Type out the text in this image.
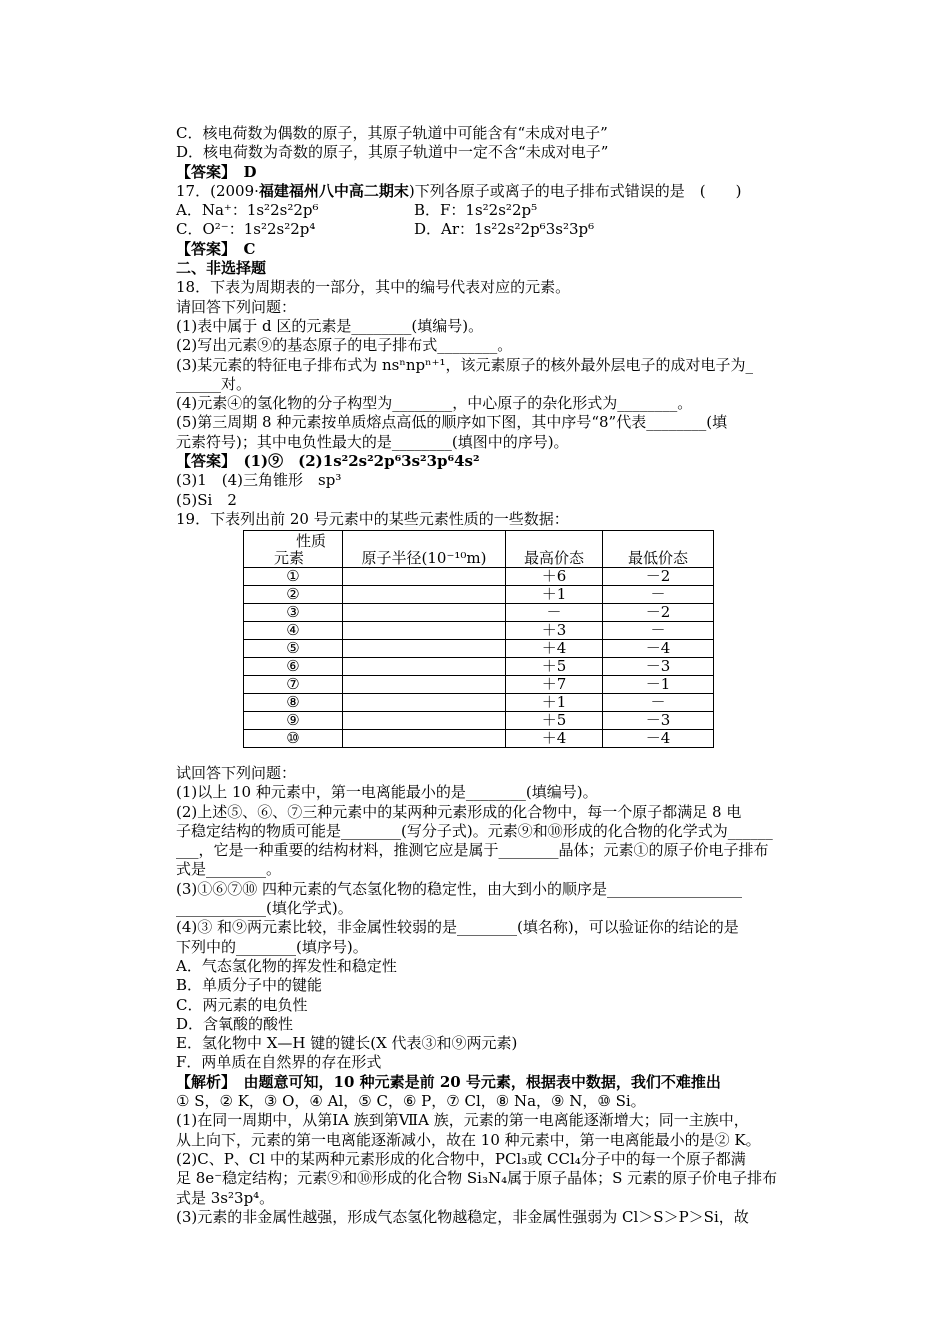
C．核电荷数为偶数的原子，其原子轨道中可能含有“未成对电子”
D．核电荷数为奇数的原子，其原子轨道中一定不含“未成对电子”
【答案】　D
17．(2009·福建福州八中高二期末)下列各原子或离子的电子排布式错误的是　(　　)
A．Na⁺：1s²2s²2p⁶	B．F：1s²2s²2p⁵
C．O²⁻：1s²2s²2p⁴	D．Ar：1s²2s²2p⁶3s²3p⁶
【答案】　C
二、非选择题
18．下表为周期表的一部分，其中的编号代表对应的元素。
请回答下列问题：
(1)表中属于 d 区的元素是________(填编号)。
(2)写出元素⑨的基态原子的电子排布式________。
(3)某元素的特征电子排布式为 nsⁿnpⁿ⁺¹，该元素原子的核外最外层电子的成对电子为_
______对。
(4)元素④的氢化物的分子构型为________，中心原子的杂化形式为________。
(5)第三周期 8 种元素按单质熔点高低的顺序如下图，其中序号“8”代表________(填
元素符号)；其中电负性最大的是________(填图中的序号)。
【答案】　(1)⑨　(2)1s²2s²2p⁶3s²3p⁶4s²
(3)1　(4)三角锥形　sp³
(5)Si　2
19．下表列出前 20 号元素中的某些元素性质的一些数据：
性质
元素	原子半径(10⁻¹⁰m)	最高价态	最低价态
①		＋6	－2
②		＋1	－
③		－	－2
④		＋3	－
⑤		＋4	－4
⑥		＋5	－3
⑦		＋7	－1
⑧		＋1	－
⑨		＋5	－3
⑩		＋4	－4
试回答下列问题：
(1)以上 10 种元素中，第一电离能最小的是________(填编号)。
(2)上述⑤、⑥、⑦三种元素中的某两种元素形成的化合物中，每一个原子都满足 8 电
子稳定结构的物质可能是________(写分子式)。元素⑨和⑩形成的化合物的化学式为______
___，它是一种重要的结构材料，推测它应是属于________晶体；元素①的原子价电子排布
式是________。
(3)①⑥⑦⑩ 四种元素的气态氢化物的稳定性，由大到小的顺序是__________________
____________(填化学式)。
(4)③ 和⑨两元素比较，非金属性较弱的是________(填名称)，可以验证你的结论的是
下列中的________(填序号)。
A．气态氢化物的挥发性和稳定性
B．单质分子中的键能
C．两元素的电负性
D．含氧酸的酸性
E．氢化物中 X—H 键的键长(X 代表③和⑨两元素)
F．两单质在自然界的存在形式
【解析】　由题意可知，10 种元素是前 20 号元素，根据表中数据，我们不难推出
① S，② K，③ O，④ Al，⑤ C，⑥ P，⑦ Cl，⑧ Na，⑨ N，⑩ Si。
(1)在同一周期中，从第ⅠA 族到第ⅦA 族，元素的第一电离能逐渐增大；同一主族中，
从上向下，元素的第一电离能逐渐减小，故在 10 种元素中，第一电离能最小的是② K。
(2)C、P、Cl 中的某两种元素形成的化合物中，PCl₃或 CCl₄分子中的每一个原子都满
足 8e⁻稳定结构；元素⑨和⑩形成的化合物 Si₃N₄属于原子晶体；S 元素的原子价电子排布
式是 3s²3p⁴。
(3)元素的非金属性越强，形成气态氢化物越稳定，非金属性强弱为 Cl＞S＞P＞Si，故
